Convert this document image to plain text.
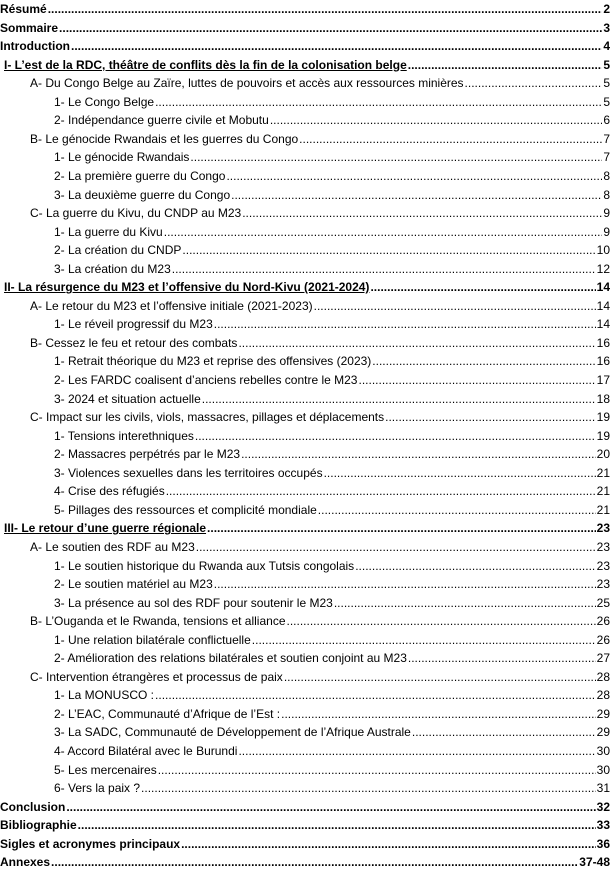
Résumé .....	2
Sommaire .....	3
Introduction .....	4
I- L’est de la RDC, théâtre de conflits dès la fin de la colonisation belge .....	5
A- Du Congo Belge au Zaïre, luttes de pouvoirs et accès aux ressources minières .....	5
1- Le Congo Belge .....	5
2- Indépendance guerre civile et Mobutu .....	6
B- Le génocide Rwandais et les guerres du Congo .....	7
1- Le génocide Rwandais .....	7
2- La première guerre du Congo .....	8
3- La deuxième guerre du Congo .....	8
C- La guerre du Kivu, du CNDP au M23 .....	9
1- La guerre du Kivu .....	9
2- La création du CNDP .....	10
3- La création du M23 .....	12
II- La résurgence du M23 et l’offensive du Nord-Kivu (2021-2024) .....	14
A- Le retour du M23 et l’offensive initiale (2021-2023) .....	14
1- Le réveil progressif du M23 .....	14
B- Cessez le feu et retour des combats .....	16
1- Retrait théorique du M23 et reprise des offensives (2023) .....	16
2- Les FARDC coalisent d’anciens rebelles contre le M23 .....	17
3- 2024 et situation actuelle .....	18
C- Impact sur les civils, viols, massacres, pillages et déplacements .....	19
1- Tensions interethniques .....	19
2- Massacres perpétrés par le M23 .....	20
3- Violences sexuelles dans les territoires occupés .....	21
4- Crise des réfugiés .....	21
5- Pillages des ressources et complicité mondiale .....	21
III- Le retour d’une guerre régionale .....	23
A- Le soutien des RDF au M23 .....	23
1- Le soutien historique du Rwanda aux Tutsis congolais .....	23
2- Le soutien matériel au M23 .....	23
3- La présence au sol des RDF pour soutenir le M23 .....	25
B- L’Ouganda et le Rwanda, tensions et alliance .....	26
1- Une relation bilatérale conflictuelle .....	26
2- Amélioration des relations bilatérales et soutien conjoint au M23 .....	27
C- Intervention étrangères et processus de paix .....	28
1- La MONUSCO : .....	28
2- L’EAC, Communauté d’Afrique de l’Est : .....	29
3- La SADC, Communauté de Développement de l’Afrique Australe .....	29
4- Accord Bilatéral avec le Burundi .....	30
5- Les mercenaires .....	30
6- Vers la paix ? .....	31
Conclusion .....	32
Bibliographie .....	33
Sigles et acronymes principaux .....	36
Annexes .....	37-48
